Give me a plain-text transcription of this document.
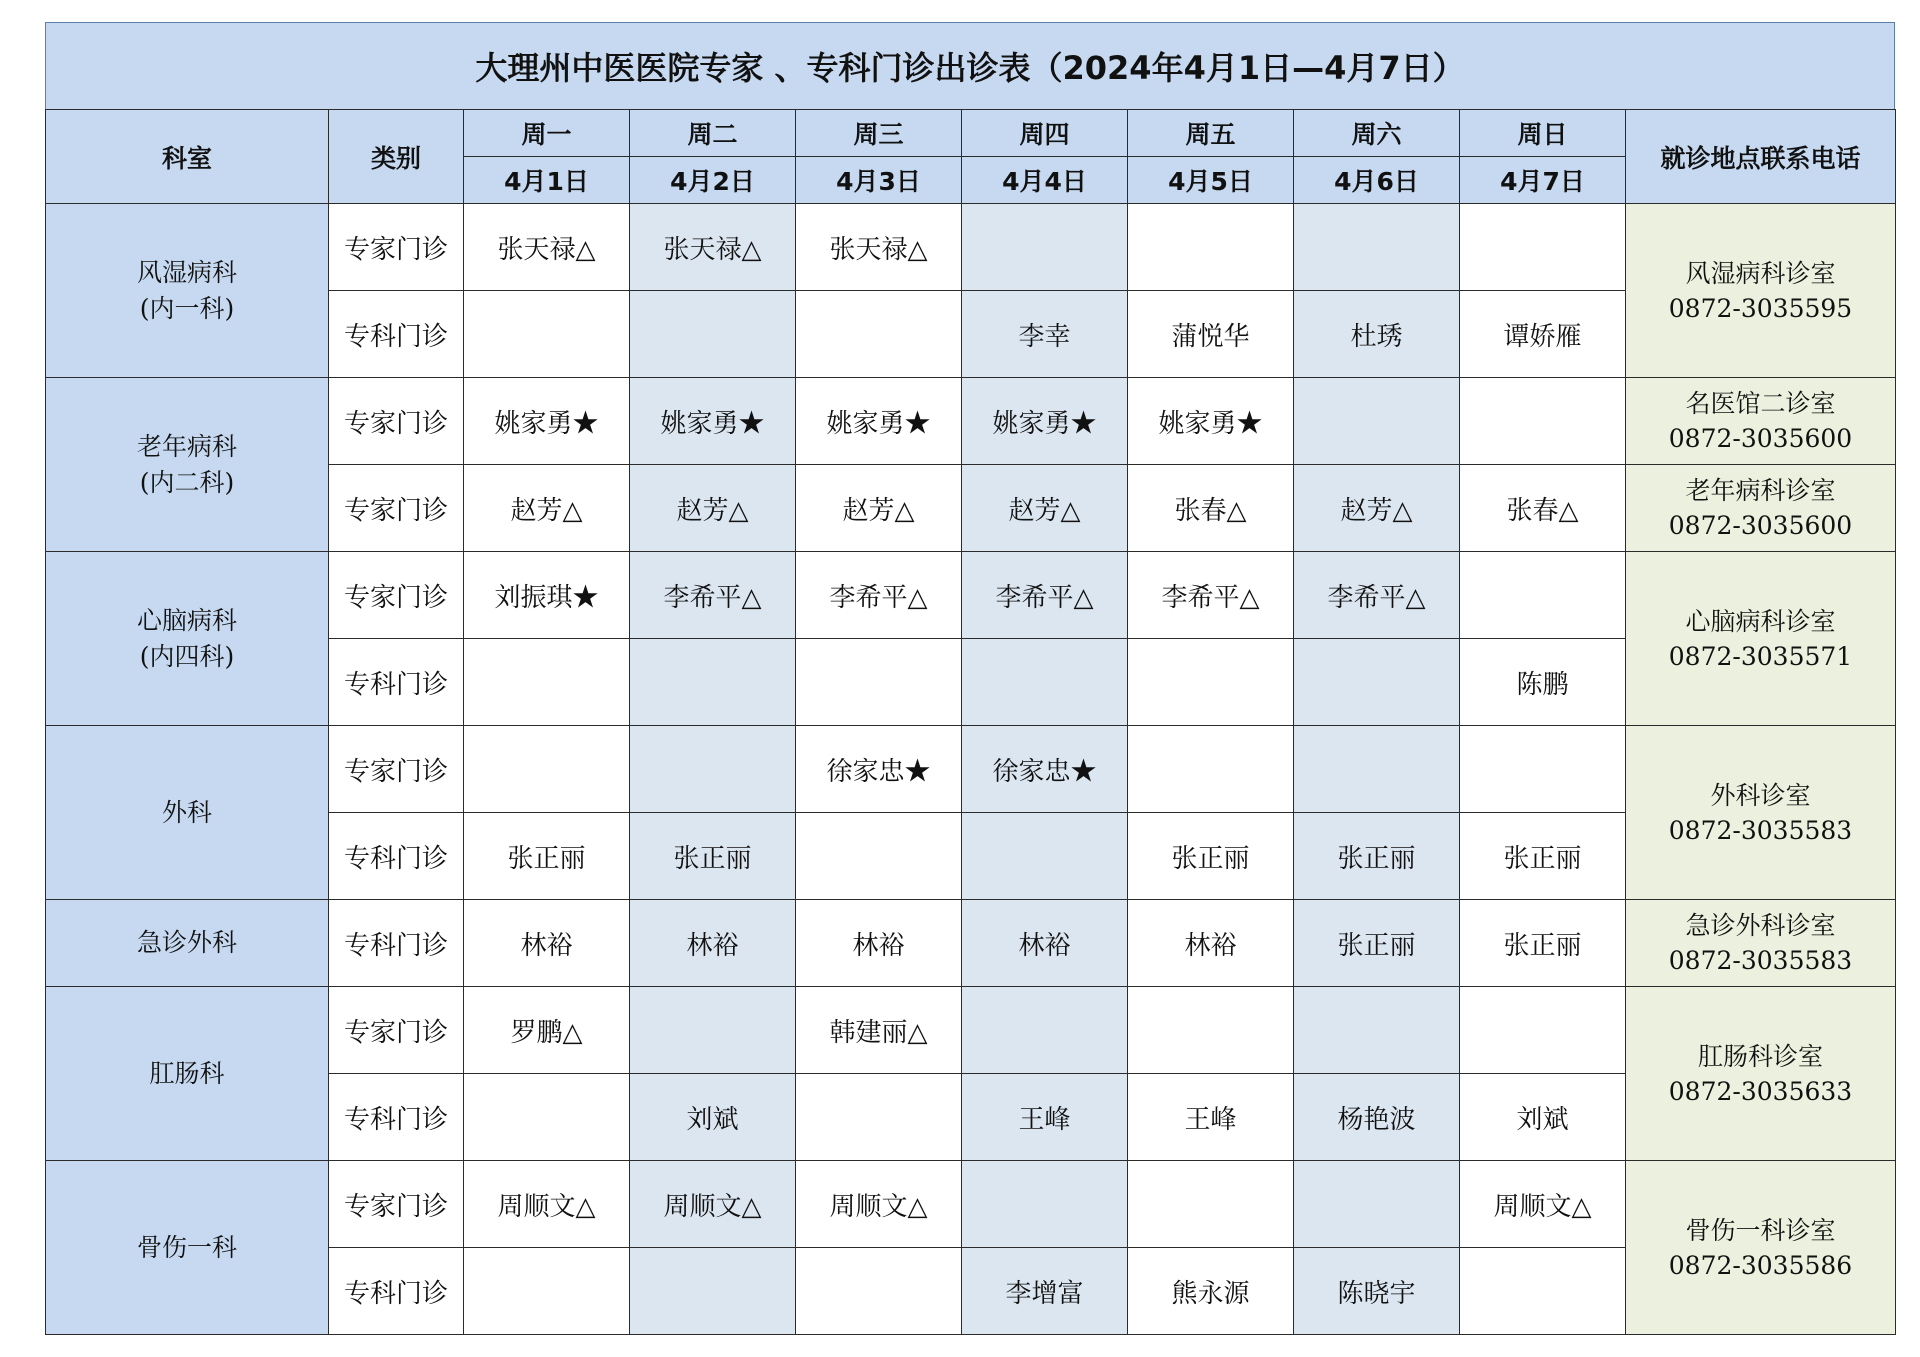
大理州中医医院专家 、专科门诊出诊表（2024年4月1日—4月7日）
科室	类别	周一	周二	周三	周四	周五	周六	周日	就诊地点联系电话
		4月1日	4月2日	4月3日	4月4日	4月5日	4月6日	4月7日	

风湿病科
(内一科)	专家门诊	张天禄△	张天禄△	张天禄△					风湿病科诊室
0872-3035595

	专科门诊				李幸	蒲悦华	杜琇	谭娇雁	

老年病科
(内二科)	专家门诊	姚家勇★	姚家勇★	姚家勇★	姚家勇★	姚家勇★			名医馆二诊室
0872-3035600

	专家门诊	赵芳△	赵芳△	赵芳△	赵芳△	张春△	赵芳△	张春△	老年病科诊室
0872-3035600

心脑病科
(内四科)	专家门诊	刘振琪★	李希平△	李希平△	李希平△	李希平△	李希平△		心脑病科诊室
0872-3035571

	专科门诊							陈鹏	

外科	专家门诊			徐家忠★	徐家忠★				外科诊室
0872-3035583

	专科门诊	张正丽	张正丽			张正丽	张正丽	张正丽	

急诊外科	专科门诊	林裕	林裕	林裕	林裕	林裕	张正丽	张正丽	急诊外科诊室
0872-3035583

肛肠科	专家门诊	罗鹏△		韩建丽△					肛肠科诊室
0872-3035633

	专科门诊		刘斌		王峰	王峰	杨艳波	刘斌	

骨伤一科	专家门诊	周顺文△	周顺文△	周顺文△				周顺文△	骨伤一科诊室
0872-3035586

	专科门诊				李增富	熊永源	陈晓宇		
